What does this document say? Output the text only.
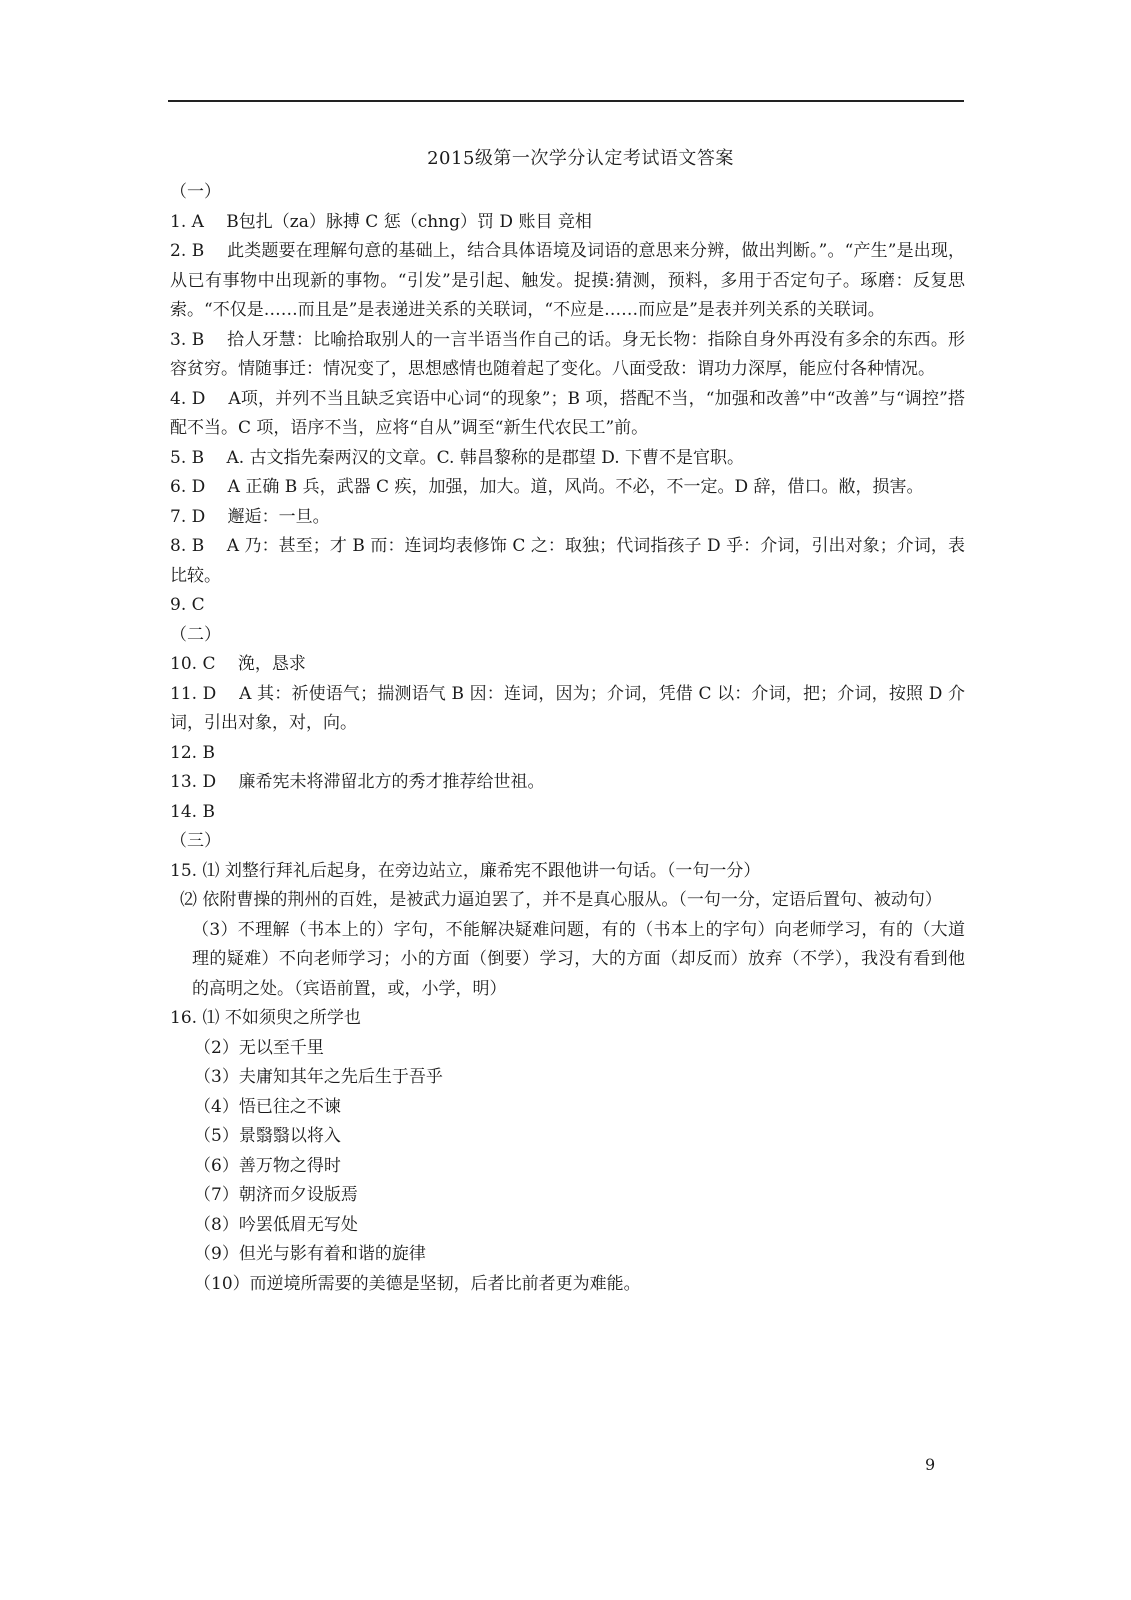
2015级第一次学分认定考试语文答案

（一）

1. A　 B包扎（za）脉搏 C 惩（chng）罚 D 账目 竞相

2. B　 此类题要在理解句意的基础上，结合具体语境及词语的意思来分辨，做出判断。”。“产生”是出现，从已有事物中出现新的事物。“引发”是引起、触发。捉摸:猜测，预料，多用于否定句子。琢磨：反复思索。“不仅是……而且是”是表递进关系的关联词，“不应是……而应是”是表并列关系的关联词。

3. B　 拾人牙慧：比喻拾取别人的一言半语当作自己的话。身无长物：指除自身外再没有多余的东西。形容贫穷。情随事迁：情况变了，思想感情也随着起了变化。八面受敌：谓功力深厚，能应付各种情况。

4. D　 A项，并列不当且缺乏宾语中心词“的现象”；B 项，搭配不当，“加强和改善”中“改善”与“调控”搭配不当。C 项，语序不当，应将“自从”调至“新生代农民工”前。

5. B　 A. 古文指先秦两汉的文章。C. 韩昌黎称的是郡望 D. 下曹不是官职。

6. D　 A 正确 B 兵，武器 C 疾，加强，加大。道，风尚。不必，不一定。D 辞，借口。敝，损害。

7. D　 邂逅：一旦。

8. B　 A 乃：甚至；才 B 而：连词均表修饰 C 之：取独；代词指孩子 D 乎：介词，引出对象；介词，表比较。

9. C

（二）

10. C　 浼，恳求

11. D　 A 其：祈使语气；揣测语气 B 因：连词，因为；介词，凭借 C 以：介词，把；介词，按照 D 介词，引出对象，对，向。

12. B

13. D　 廉希宪未将滞留北方的秀才推荐给世祖。

14. B

（三）

15. ⑴ 刘整行拜礼后起身，在旁边站立，廉希宪不跟他讲一句话。（一句一分）

⑵ 依附曹操的荆州的百姓，是被武力逼迫罢了，并不是真心服从。（一句一分，定语后置句、被动句）

（3）不理解（书本上的）字句，不能解决疑难问题，有的（书本上的字句）向老师学习，有的（大道理的疑难）不向老师学习；小的方面（倒要）学习，大的方面（却反而）放弃（不学），我没有看到他的高明之处。（宾语前置，或，小学，明）

16. ⑴ 不如须臾之所学也

（2）无以至千里

（3）夫庸知其年之先后生于吾乎

（4）悟已往之不谏

（5）景翳翳以将入

（6）善万物之得时

（7）朝济而夕设版焉

（8）吟罢低眉无写处

（9）但光与影有着和谐的旋律

（10）而逆境所需要的美德是坚韧，后者比前者更为难能。

9
